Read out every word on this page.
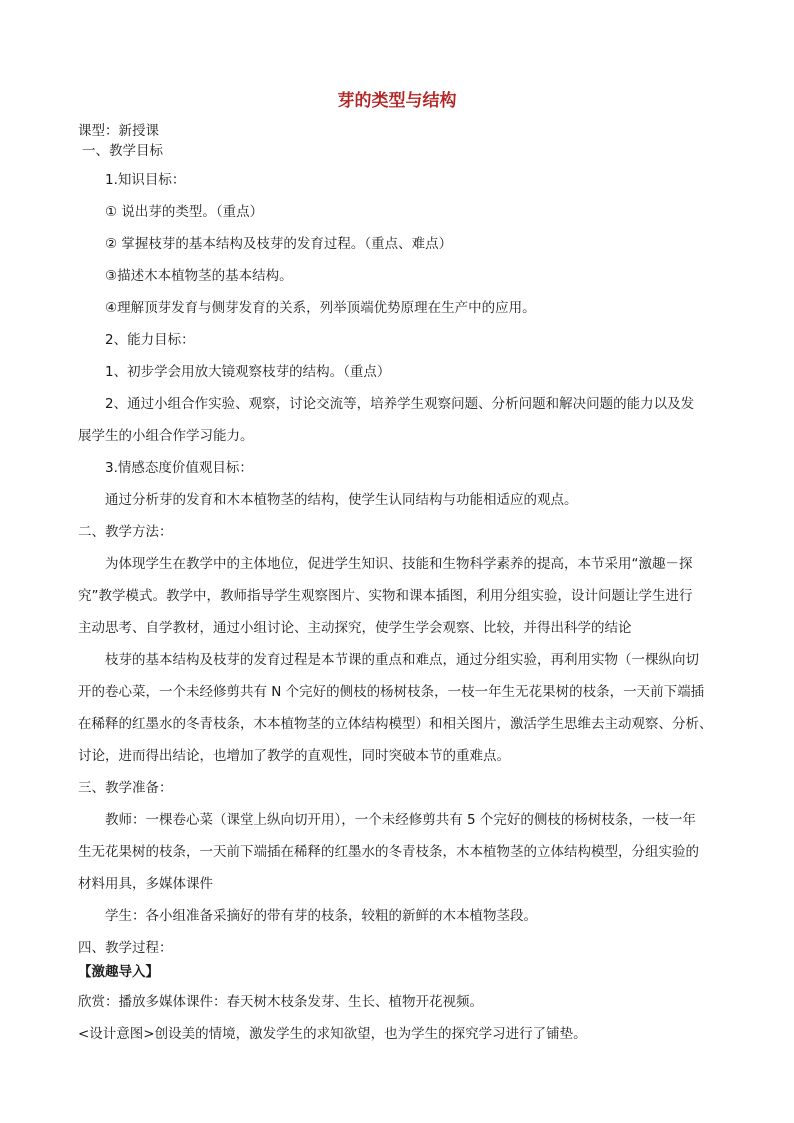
芽的类型与结构
课型：新授课
一、教学目标
1.知识目标：
① 说出芽的类型。（重点）
② 掌握枝芽的基本结构及枝芽的发育过程。（重点、难点）
③描述木本植物茎的基本结构。
④理解顶芽发育与侧芽发育的关系，列举顶端优势原理在生产中的应用。
2、能力目标：
1、初步学会用放大镜观察枝芽的结构。（重点）
2、通过小组合作实验、观察，讨论交流等，培养学生观察问题、分析问题和解决问题的能力以及发
展学生的小组合作学习能力。
3.情感态度价值观目标：
通过分析芽的发育和木本植物茎的结构，使学生认同结构与功能相适应的观点。
二、教学方法：
为体现学生在教学中的主体地位，促进学生知识、技能和生物科学素养的提高，本节采用“激趣－探
究”教学模式。教学中，教师指导学生观察图片、实物和课本插图，利用分组实验，设计问题让学生进行
主动思考、自学教材，通过小组讨论、主动探究，使学生学会观察、比较，并得出科学的结论
枝芽的基本结构及枝芽的发育过程是本节课的重点和难点，通过分组实验，再利用实物（一棵纵向切
开的卷心菜，一个未经修剪共有 N 个完好的侧枝的杨树枝条，一枝一年生无花果树的枝条，一天前下端插
在稀释的红墨水的冬青枝条，木本植物茎的立体结构模型）和相关图片，激活学生思维去主动观察、分析、
讨论，进而得出结论，也增加了教学的直观性，同时突破本节的重难点。
三、教学准备：
教师：一棵卷心菜（课堂上纵向切开用），一个未经修剪共有 5 个完好的侧枝的杨树枝条，一枝一年
生无花果树的枝条，一天前下端插在稀释的红墨水的冬青枝条，木本植物茎的立体结构模型，分组实验的
材料用具，多媒体课件
学生：各小组准备采摘好的带有芽的枝条，较粗的新鲜的木本植物茎段。
四、教学过程：
【激趣导入】
欣赏：播放多媒体课件：春天树木枝条发芽、生长、植物开花视频。
<设计意图>创设美的情境，激发学生的求知欲望，也为学生的探究学习进行了铺垫。
